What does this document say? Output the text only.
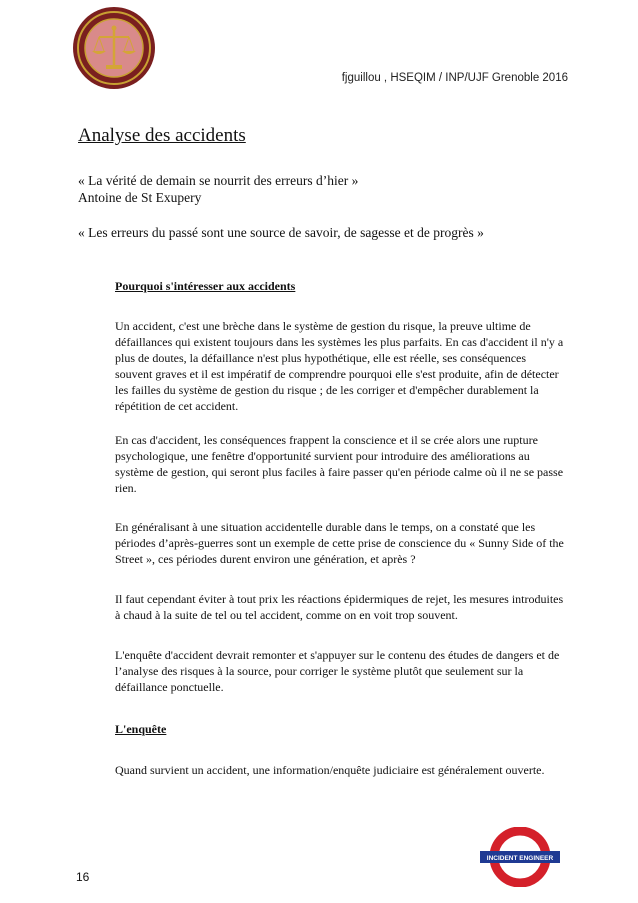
fjguillou , HSEQIM / INP/UJF Grenoble 2016
Analyse des accidents
« La vérité de demain se nourrit des erreurs d’hier »
Antoine de St Exupery
« Les erreurs du passé sont une source de savoir, de sagesse et de progrès »
Pourquoi s'intéresser aux accidents

Un accident, c'est une brèche dans le système de gestion du risque, la preuve ultime de défaillances qui existent toujours dans les systèmes les plus parfaits. En cas d'accident il n'y a plus de doutes, la défaillance n'est plus hypothétique, elle est réelle, ses conséquences souvent graves et il est impératif de comprendre pourquoi elle s'est produite, afin de détecter les failles du système de gestion du risque ; de les corriger et d'empêcher durablement la répétition de cet accident.

En cas d'accident, les conséquences frappent la conscience et il se crée alors une rupture psychologique, une fenêtre d'opportunité survient pour introduire des améliorations au système de gestion, qui seront plus faciles à faire passer qu'en période calme où il ne se passe rien.

En généralisant à une situation accidentelle durable dans le temps, on a constaté que les périodes d’après-guerres sont un exemple de cette prise de conscience du « Sunny Side of the Street », ces périodes durent environ une génération, et après ?

Il faut cependant éviter à tout prix les réactions épidermiques de rejet, les mesures introduites à chaud à la suite de tel ou tel accident, comme on en voit trop souvent.

L'enquête d'accident devrait remonter et s'appuyer sur le contenu des études de dangers et de l’analyse des risques à la source, pour corriger le système plutôt que seulement sur la défaillance ponctuelle.

L'enquête

Quand survient un accident, une information/enquête judiciaire est généralement ouverte.

16
INCIDENT ENGINEER
